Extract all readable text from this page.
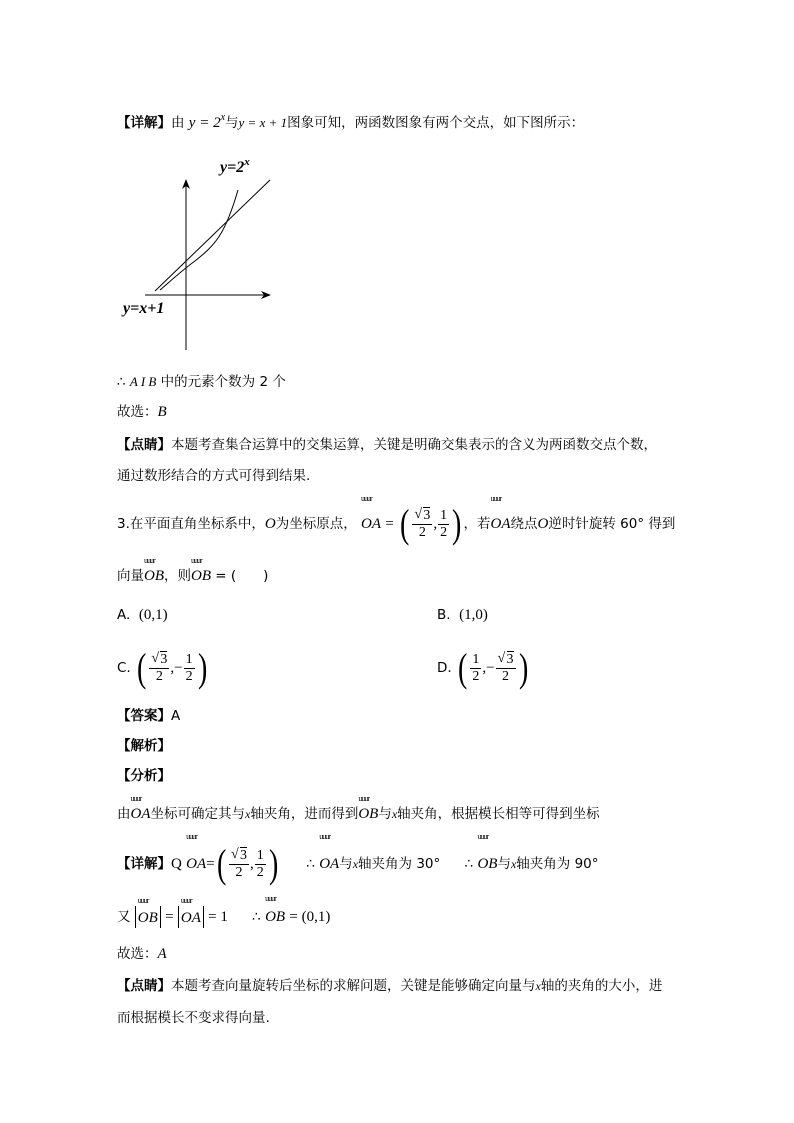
【详解】由 $y = 2^x$与y = x + 1图象可知，两函数图象有两个交点，如下图所示：
$y=2^x$
y=x+1
∴ A I B 中的元素个数为 2 个
故选：B
【点睛】本题考查集合运算中的交集运算，关键是明确交集表示的含义为两函数交点个数，
通过数形结合的方式可得到结果.
3.在平面直角坐标系中，O为坐标原点，
uuur
OA = ( √ $\frac{3}{2}$ , $\frac{1}{2}$ ) ，若
uuur
OA绕点O逆时针旋转 60° 得到
向量
uuur
OB，则
uuur
OB = (　　)
A. (0,1)	B. (1,0)
C. ( √ $\frac{3}{2}$ ,− $\frac{1}{2}$ )	D. ( $\frac{1}{2}$ ,− √ $\frac{3}{2}$ )
【答案】A
【解析】
【分析】
由
uuur
OA坐标可确定其与x轴夹角，进而得到
uuur
OB与x轴夹角，根据模长相等可得到坐标
【详解】Q
uuur
OA= ( √ $\frac{3}{2}$ , $\frac{1}{2}$ ) ∴
uuur
OA与x轴夹角为 30° ∴
uuur
OB与x轴夹角为 90°
又
uuur
OB =
uuur
OA = 1 ∴
uuur
OB = (0,1)
故选：A
【点睛】本题考查向量旋转后坐标的求解问题，关键是能够确定向量与x轴的夹角的大小，进
而根据模长不变求得向量.
